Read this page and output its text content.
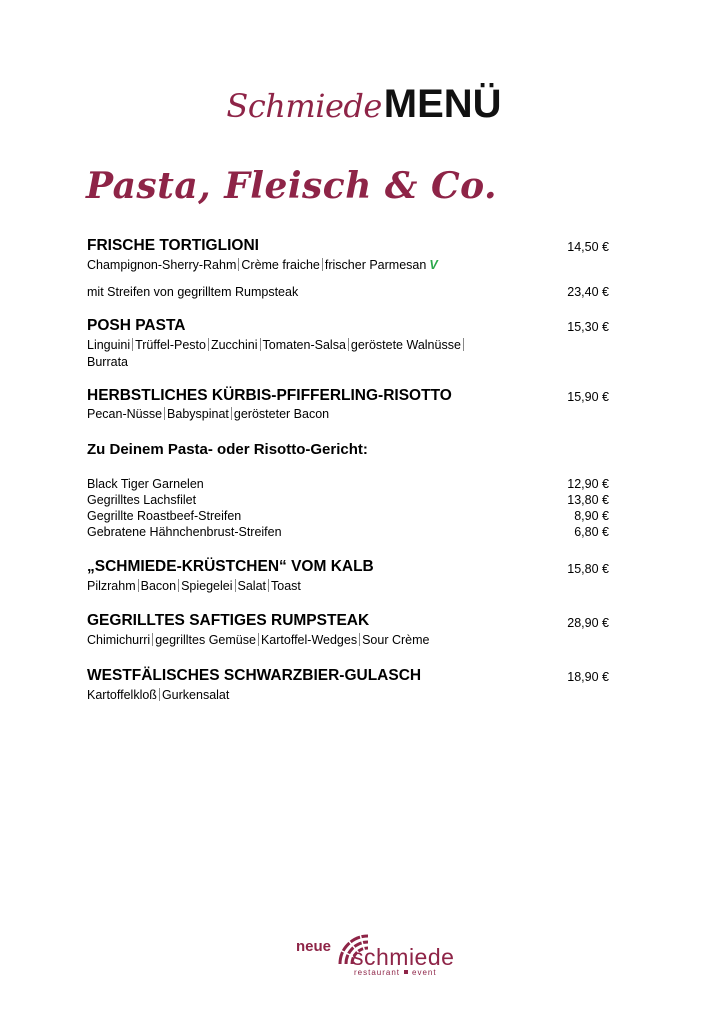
SchmiedeMENÜ
Pasta, Fleisch & Co.
FRISCHE TORTIGLIONI	14,50 €
Champignon-Sherry-Rahm Crème fraiche frischer Parmesan V
mit Streifen von gegrilltem Rumpsteak	23,40 €
POSH PASTA	15,30 €
Linguini Trüffel-Pesto Zucchini Tomaten-Salsa geröstete Walnüsse
Burrata
HERBSTLICHES KÜRBIS-PFIFFERLING-RISOTTO	15,90 €
Pecan-Nüsse Babyspinat gerösteter Bacon
Zu Deinem Pasta- oder Risotto-Gericht:
Black Tiger Garnelen	12,90 €
Gegrilltes Lachsfilet	13,80 €
Gegrillte Roastbeef-Streifen	8,90 €
Gebratene Hähnchenbrust-Streifen	6,80 €
„SCHMIEDE-KRÜSTCHEN“ VOM KALB	15,80 €
Pilzrahm Bacon Spiegelei Salat Toast
GEGRILLTES SAFTIGES RUMPSTEAK	28,90 €
Chimichurri gegrilltes Gemüse Kartoffel-Wedges Sour Crème
WESTFÄLISCHES SCHWARZBIER-GULASCH	18,90 €
Kartoffelkloß Gurkensalat
neue schmiede
restaurant event
